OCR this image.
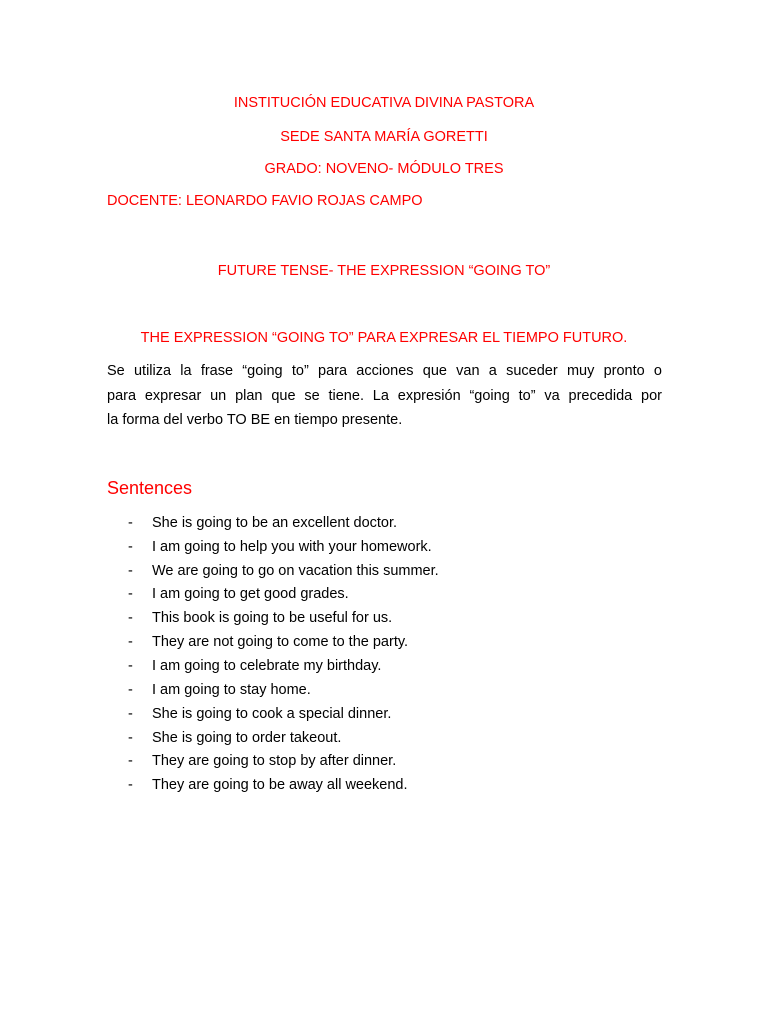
INSTITUCIÓN EDUCATIVA DIVINA PASTORA
SEDE SANTA MARÍA GORETTI
GRADO: NOVENO- MÓDULO TRES
DOCENTE: LEONARDO FAVIO ROJAS CAMPO
FUTURE TENSE- THE EXPRESSION “GOING TO”
THE EXPRESSION “GOING TO” PARA EXPRESAR EL TIEMPO FUTURO.
Se utiliza la frase “going to” para acciones que van a suceder muy pronto o
para expresar un plan que se tiene. La expresión “going to” va precedida por
la forma del verbo TO BE en tiempo presente.
Sentences
- She is going to be an excellent doctor.
- I am going to help you with your homework.
- We are going to go on vacation this summer.
- I am going to get good grades.
- This book is going to be useful for us.
- They are not going to come to the party.
- I am going to celebrate my birthday.
- I am going to stay home.
- She is going to cook a special dinner.
- She is going to order takeout.
- They are going to stop by after dinner.
- They are going to be away all weekend.
